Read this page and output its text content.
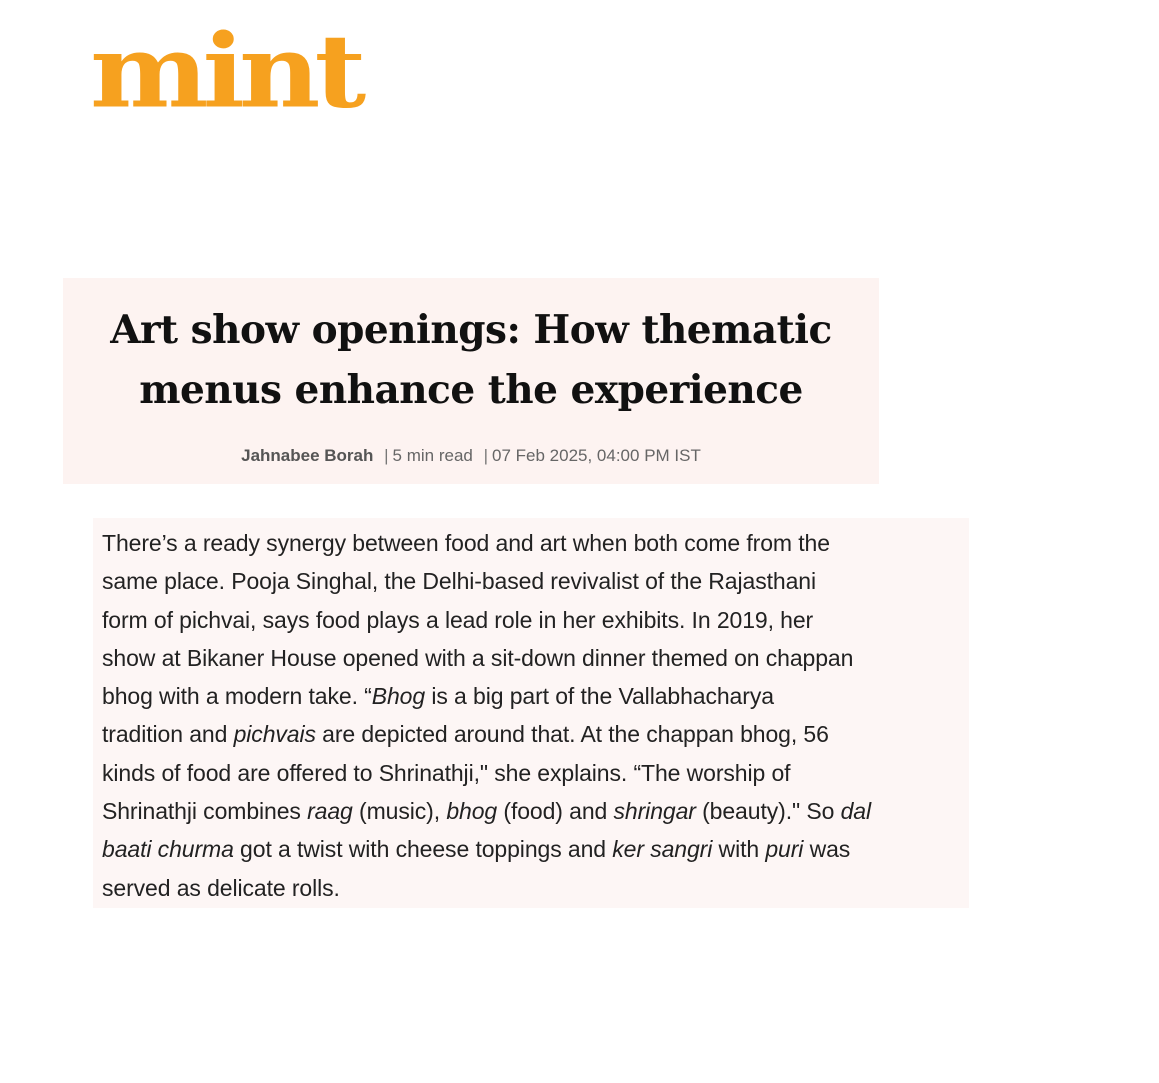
mint
Art show openings: How thematic
menus enhance the experience
Jahnabee Borah | 5 min read | 07 Feb 2025, 04:00 PM IST

There’s a ready synergy between food and art when both come from the
same place. Pooja Singhal, the Delhi-based revivalist of the Rajasthani
form of pichvai, says food plays a lead role in her exhibits. In 2019, her
show at Bikaner House opened with a sit-down dinner themed on chappan
bhog with a modern take. “Bhog is a big part of the Vallabhacharya
tradition and pichvais are depicted around that. At the chappan bhog, 56
kinds of food are offered to Shrinathji," she explains. “The worship of
Shrinathji combines raag (music), bhog (food) and shringar (beauty)." So dal
baati churma got a twist with cheese toppings and ker sangri with puri was
served as delicate rolls.
